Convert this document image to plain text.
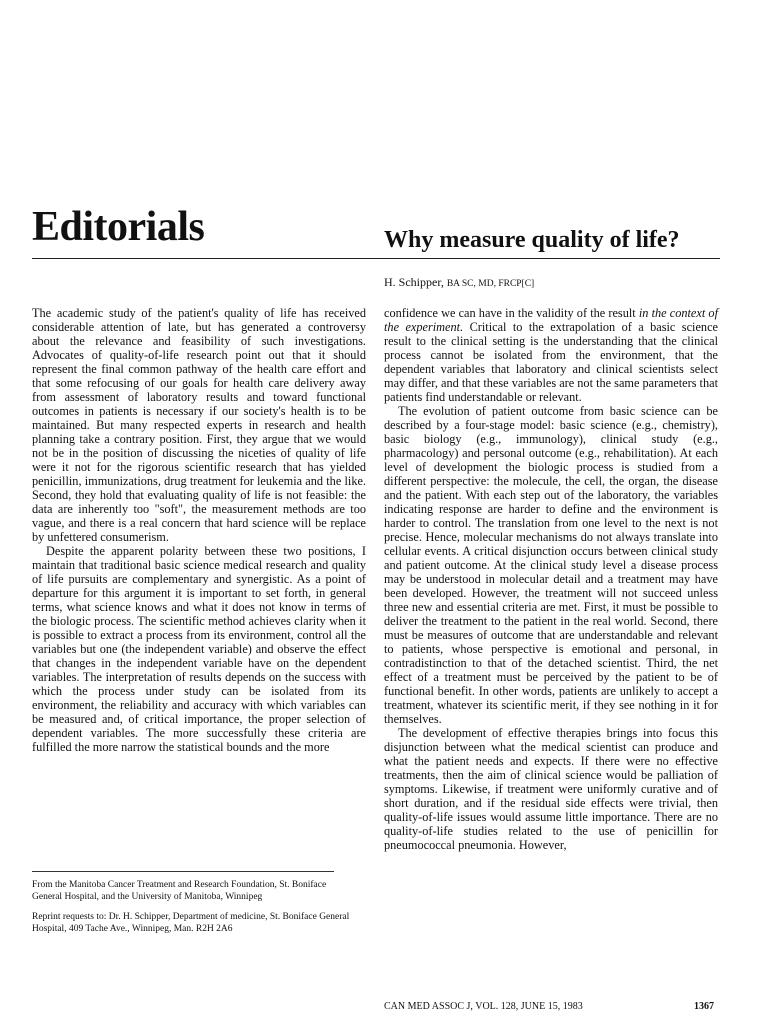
Editorials	Why measure quality of life?
H. Schipper, BA SC, MD, FRCP[C]

The academic study of the patient's quality of life has received considerable attention of late, but has generated a controversy about the relevance and feasibility of such investigations. Advocates of quality-of-life research point out that it should represent the final common pathway of the health care effort and that some refocusing of our goals for health care delivery away from assessment of laboratory results and toward functional outcomes in patients is necessary if our society's health is to be maintained. But many respected experts in research and health planning take a contrary position. First, they argue that we would not be in the position of discussing the niceties of quality of life were it not for the rigorous scientific research that has yielded penicillin, immunizations, drug treatment for leukemia and the like. Second, they hold that evaluating quality of life is not feasible: the data are inherently too "soft", the measurement methods are too vague, and there is a real concern that hard science will be replace by unfettered consumerism.

Despite the apparent polarity between these two positions, I maintain that traditional basic science medical research and quality of life pursuits are complementary and synergistic. As a point of departure for this argument it is important to set forth, in general terms, what science knows and what it does not know in terms of the biologic process. The scientific method achieves clarity when it is possible to extract a process from its environment, control all the variables but one (the independent variable) and observe the effect that changes in the independent variable have on the dependent variables. The interpretation of results depends on the success with which the process under study can be isolated from its environment, the reliability and accuracy with which variables can be measured and, of critical importance, the proper selection of dependent variables. The more successfully these criteria are fulfilled the more narrow the statistical bounds and the more

From the Manitoba Cancer Treatment and Research Foundation, St. Boniface General Hospital, and the University of Manitoba, Winnipeg
Reprint requests to: Dr. H. Schipper, Department of medicine, St. Boniface General Hospital, 409 Tache Ave., Winnipeg, Man. R2H 2A6

confidence we can have in the validity of the result in the context of the experiment. Critical to the extrapolation of a basic science result to the clinical setting is the understanding that the clinical process cannot be isolated from the environment, that the dependent variables that laboratory and clinical scientists select may differ, and that these variables are not the same parameters that patients find understandable or relevant.

The evolution of patient outcome from basic science can be described by a four-stage model: basic science (e.g., chemistry), basic biology (e.g., immunology), clinical study (e.g., pharmacology) and personal outcome (e.g., rehabilitation). At each level of development the biologic process is studied from a different perspective: the molecule, the cell, the organ, the disease and the patient. With each step out of the laboratory, the variables indicating response are harder to define and the environment is harder to control. The translation from one level to the next is not precise. Hence, molecular mechanisms do not always translate into cellular events. A critical disjunction occurs between clinical study and patient outcome. At the clinical study level a disease process may be understood in molecular detail and a treatment may have been developed. However, the treatment will not succeed unless three new and essential criteria are met. First, it must be possible to deliver the treatment to the patient in the real world. Second, there must be measures of outcome that are understandable and relevant to patients, whose perspective is emotional and personal, in contradistinction to that of the detached scientist. Third, the net effect of a treatment must be perceived by the patient to be of functional benefit. In other words, patients are unlikely to accept a treatment, whatever its scientific merit, if they see nothing in it for themselves.

The development of effective therapies brings into focus this disjunction between what the medical scientist can produce and what the patient needs and expects. If there were no effective treatments, then the aim of clinical science would be palliation of symptoms. Likewise, if treatment were uniformly curative and of short duration, and if the residual side effects were trivial, then quality-of-life issues would assume little importance. There are no quality-of-life studies related to the use of penicillin for pneumococcal pneumonia. However,

CAN MED ASSOC J, VOL. 128, JUNE 15, 1983	1367
